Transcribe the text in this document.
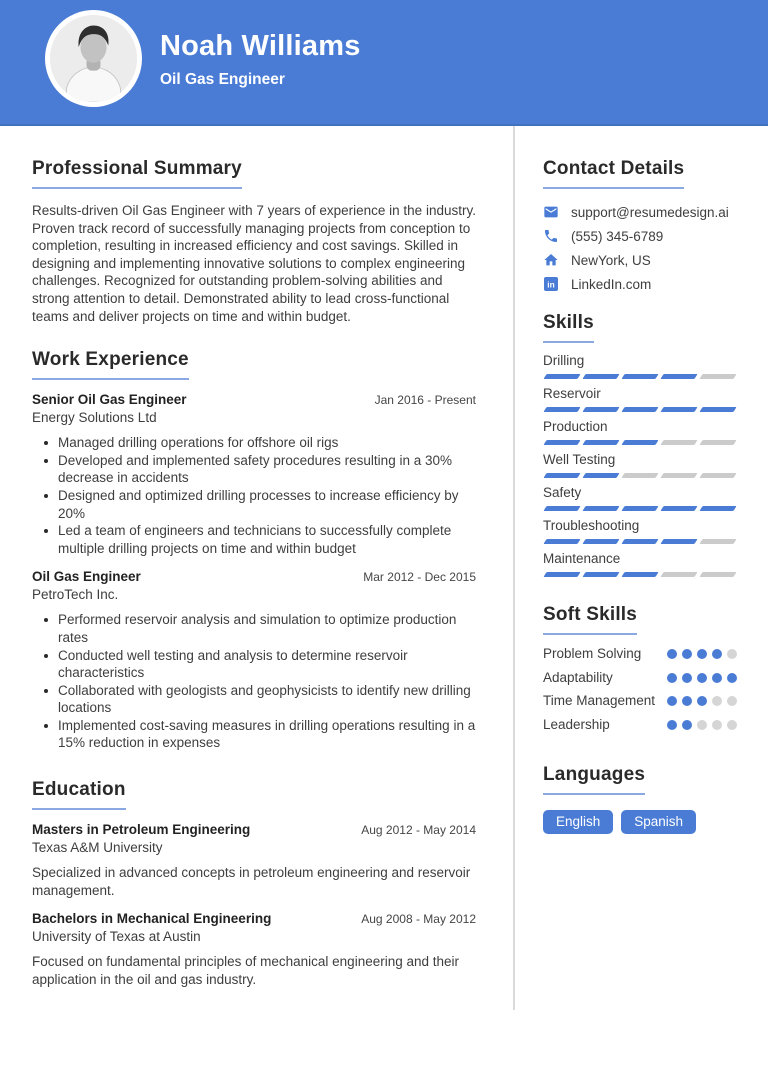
Noah Williams
Oil Gas Engineer
Professional Summary

Results-driven Oil Gas Engineer with 7 years of experience in the industry. Proven track record of successfully managing projects from conception to completion, resulting in increased efficiency and cost savings. Skilled in designing and implementing innovative solutions to complex engineering challenges. Recognized for outstanding problem-solving abilities and strong attention to detail. Demonstrated ability to lead cross-functional teams and deliver projects on time and within budget.

Work Experience
Senior Oil Gas Engineer	Jan 2016 - Present
Energy Solutions Ltd
Managed drilling operations for offshore oil rigs
Developed and implemented safety procedures resulting in a 30% decrease in accidents
Designed and optimized drilling processes to increase efficiency by 20%
Led a team of engineers and technicians to successfully complete multiple drilling projects on time and within budget
Oil Gas Engineer	Mar 2012 - Dec 2015
PetroTech Inc.
Performed reservoir analysis and simulation to optimize production rates
Conducted well testing and analysis to determine reservoir characteristics
Collaborated with geologists and geophysicists to identify new drilling locations
Implemented cost-saving measures in drilling operations resulting in a 15% reduction in expenses
Education
Masters in Petroleum Engineering	Aug 2012 - May 2014
Texas A&M University

Specialized in advanced concepts in petroleum engineering and reservoir management.

Bachelors in Mechanical Engineering	Aug 2008 - May 2012
University of Texas at Austin

Focused on fundamental principles of mechanical engineering and their application in the oil and gas industry.

Contact Details
support@resumedesign.ai
(555) 345-6789
NewYork, US
in LinkedIn.com
Skills
Drilling
Reservoir
Production
Well Testing
Safety
Troubleshooting
Maintenance
Soft Skills
Problem Solving
Adaptability
Time Management
Leadership
Languages
English	Spanish
